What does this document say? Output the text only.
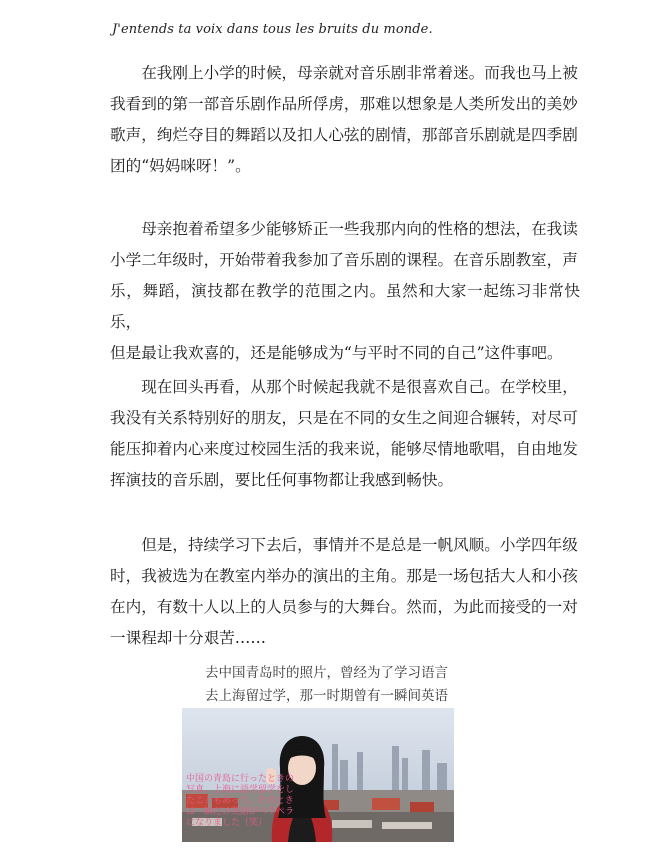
J'entends ta voix dans tous les bruits du monde.

　　在我刚上小学的时候，母亲就对音乐剧非常着迷。而我也马上被

我看到的第一部音乐剧作品所俘虏，那难以想象是人类所发出的美妙

歌声，绚烂夺目的舞蹈以及扣人心弦的剧情，那部音乐剧就是四季剧

团的“妈妈咪呀！”。

　　母亲抱着希望多少能够矫正一些我那内向的性格的想法，在我读

小学二年级时，开始带着我参加了音乐剧的课程。在音乐剧教室，声

乐，舞蹈，演技都在教学的范围之内。虽然和大家一起练习非常快乐，

但是最让我欢喜的，还是能够成为“与平时不同的自己”这件事吧。

　　现在回头再看，从那个时候起我就不是很喜欢自己。在学校里，

我没有关系特别好的朋友，只是在不同的女生之间迎合辗转，对尽可

能压抑着内心来度过校园生活的我来说，能够尽情地歌唱，自由地发

挥演技的音乐剧，要比任何事物都让我感到畅快。

　　但是，持续学习下去后，事情并不是总是一帆风顺。小学四年级

时，我被选为在教室内举办的演出的主角。那是一场包括大人和小孩

在内，有数十人以上的人员参与的大舞台。然而，为此而接受的一对

一课程却十分艰苦……

去中国青岛时的照片，曾经为了学习语言

去上海留过学，那一时期曾有一瞬间英语

中国の青島に行ったときの写真。上海に語学留学をしたこともあって、そのときは一瞬だけ英語がペラペラになりました（笑）
